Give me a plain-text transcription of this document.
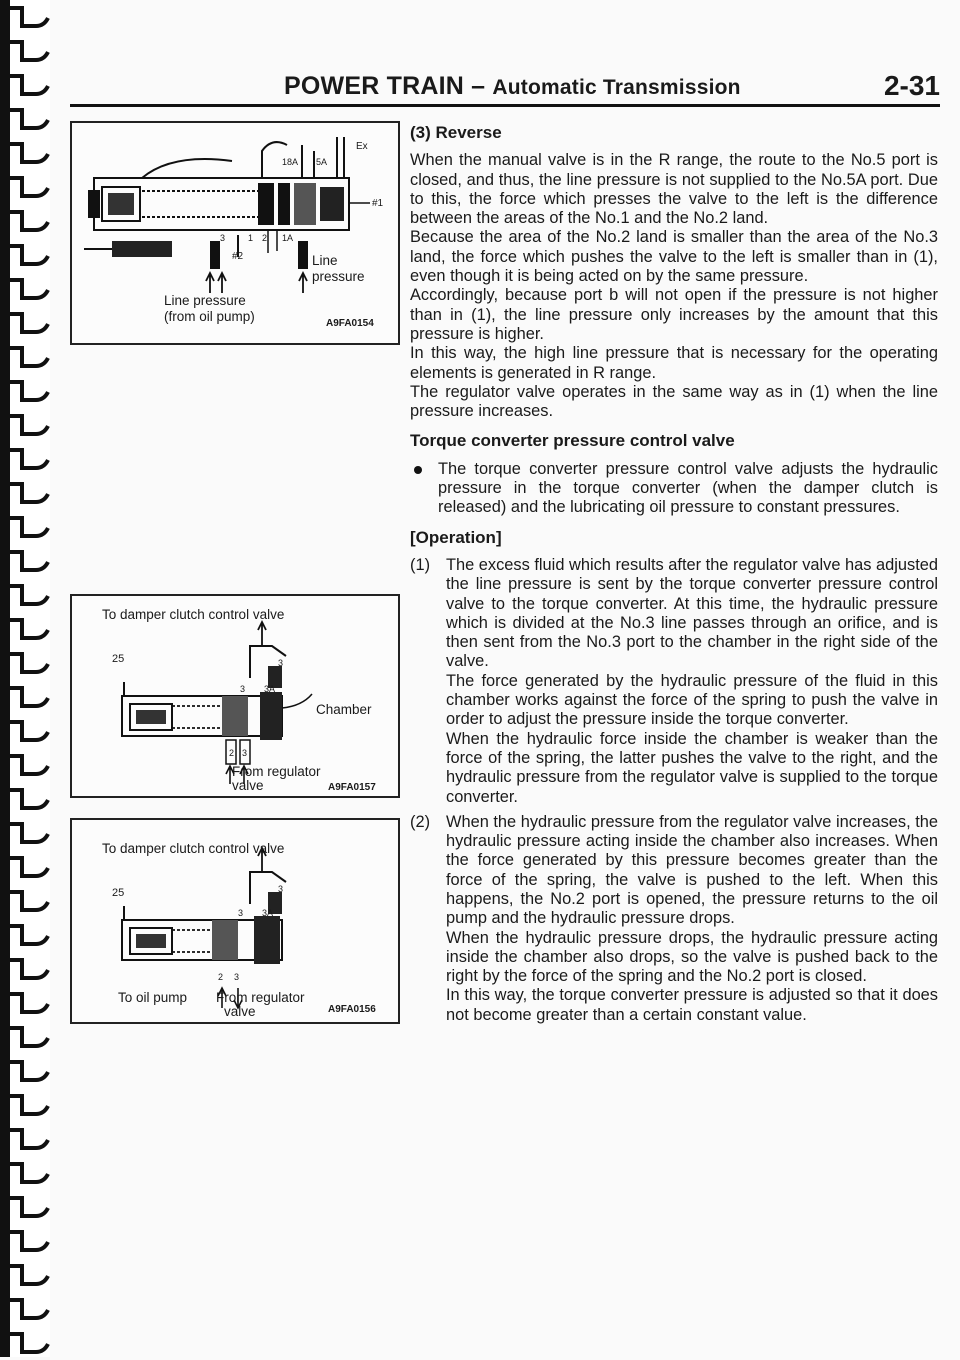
POWER TRAIN – Automatic Transmission	2-31
Ex
18A 5A
#1
3	1 2 1A
#2	Line
pressure
Line pressure
(from oil pump)	A9FA0154
To damper clutch control valve
25	3
3 3A
Chamber
2 3
From regulator
valve	A9FA0157
To damper clutch control valve
25	3
3 3A
2 3
To oil pump From regulator
valve	A9FA0156

(3) Reverse

When the manual valve is in the R range, the route to the No.5 port is closed, and thus, the line pressure is not supplied to the No.5A port. Due to this, the force which presses the valve to the left is the difference between the areas of the No.1 and the No.2 land.

Because the area of the No.2 land is smaller than the area of the No.3 land, the force which pushes the valve to the left is smaller than in (1), even though it is being acted on by the same pressure.

Accordingly, because port b will not open if the pressure is not higher than in (1), the line pressure only increases by the amount that this pressure is higher.

In this way, the high line pressure that is necessary for the operating elements is generated in R range.

The regulator valve operates in the same way as in (1) when the line pressure increases.

Torque converter pressure control valve

The torque converter pressure control valve adjusts the hydraulic pressure in the torque converter (when the damper clutch is released) and the lubricating oil pressure to constant pressures.

[Operation]

(1) The excess fluid which results after the regulator valve has adjusted the line pressure is sent by the torque converter pressure control valve to the torque converter. At this time, the hydraulic pressure which is divided at the No.3 line passes through an orifice, and is then sent from the No.3 port to the chamber in the right side of the valve.

The force generated by the hydraulic pressure of the fluid in this chamber works against the force of the spring to push the valve in order to adjust the pressure inside the torque converter.

When the hydraulic force inside the chamber is weaker than the force of the spring, the latter pushes the valve to the right, and the hydraulic pressure from the regulator valve is supplied to the torque converter.

(2) When the hydraulic pressure from the regulator valve increases, the hydraulic pressure acting inside the chamber also increases. When the force generated by this pressure becomes greater than the force of the spring, the valve is pushed to the left. When this happens, the No.2 port is opened, the pressure returns to the oil pump and the hydraulic pressure drops.

When the hydraulic pressure drops, the hydraulic pressure acting inside the chamber also drops, so the valve is pushed back to the right by the force of the spring and the No.2 port is closed.

In this way, the torque converter pressure is adjusted so that it does not become greater than a certain constant value.
